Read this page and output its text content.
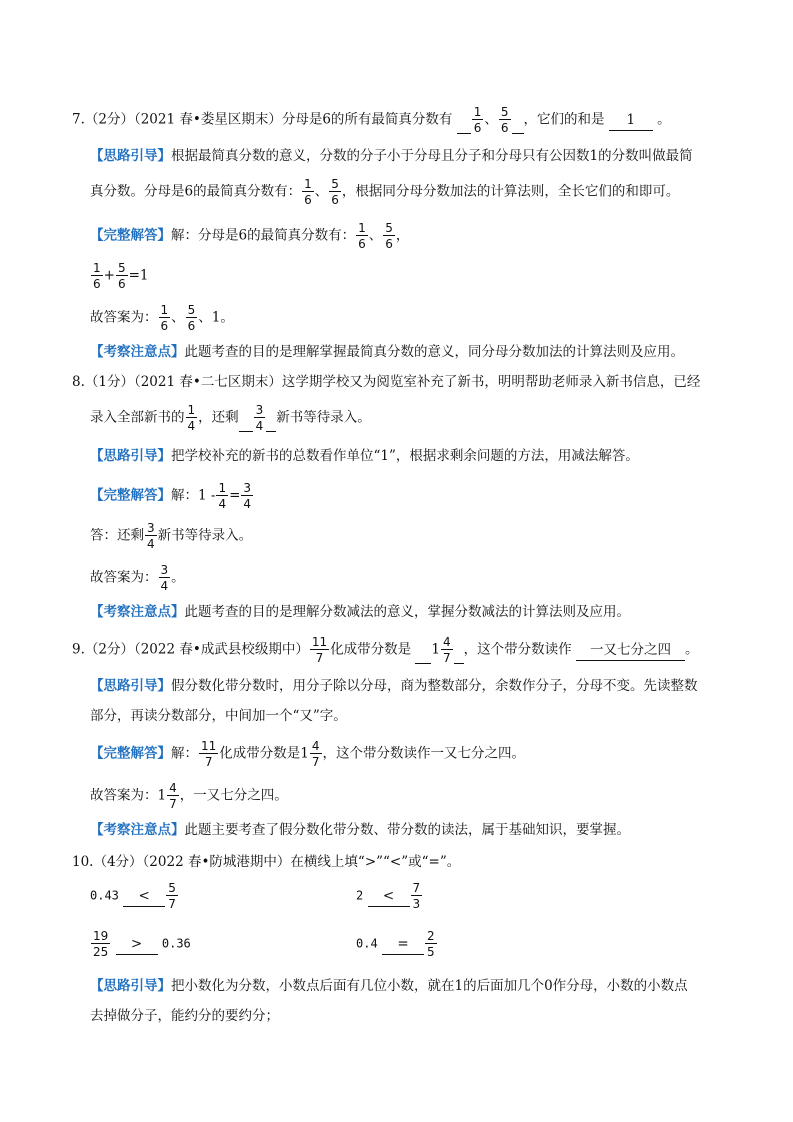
7.（2分）（2021 春•娄星区期末）分母是6的所有最简真分数有 $\frac{1}{6}$ 、 $\frac{5}{6}$ ，它们的和是 1 。
【思路引导】根据最简真分数的意义，分数的分子小于分母且分子和分母只有公因数1的分数叫做最简
真分数。分母是6的最简真分数有： $\frac{1}{6}$ 、 $\frac{5}{6}$ ，根据同分母分数加法的计算法则，全长它们的和即可。
【完整解答】解：分母是6的最简真分数有： $\frac{1}{6}$ 、 $\frac{5}{6}$ ，
$\frac{1}{6} + \frac{5}{6} =1$
故答案为： $\frac{1}{6}$ 、 $\frac{5}{6}$ 、1。
【考察注意点】此题考查的目的是理解掌握最简真分数的意义，同分母分数加法的计算法则及应用。
8.（1分）（2021 春•二七区期末）这学期学校又为阅览室补充了新书，明明帮助老师录入新书信息，已经
录入全部新书的 $\frac{1}{4}$ ，还剩 $\frac{3}{4}$ 新书等待录入。
【思路引导】把学校补充的新书的总数看作单位“1”，根据求剩余问题的方法，用减法解答。
【完整解答】解：$1 - \frac{1}{4} = \frac{3}{4}$
答：还剩 $\frac{3}{4}$ 新书等待录入。
故答案为： $\frac{3}{4}$ 。
【考察注意点】此题考查的目的是理解分数减法的意义，掌握分数减法的计算法则及应用。
9.（2分）（2022 春•成武县校级期中） $\frac{11}{7}$ 化成带分数是 $1 \frac{4}{7}$ ，这个带分数读作 一又七分之四 。
【思路引导】假分数化带分数时，用分子除以分母，商为整数部分，余数作分子，分母不变。先读整数
部分，再读分数部分，中间加一个“又”字。
【完整解答】解： $\frac{11}{7}$ 化成带分数是$1 \frac{4}{7}$ ，这个带分数读作一又七分之四。
故答案为：$1 \frac{4}{7}$ ，一又七分之四。
【考察注意点】此题主要考查了假分数化带分数、带分数的读法，属于基础知识，要掌握。
10.（4分）（2022 春•防城港期中）在横线上填“>”“<”或“=”。
$0.43 < \frac{5}{7}$	$2 < \frac{7}{3}$
$\frac{19}{25} > 0.36$	$0.4 = \frac{2}{5}$
【思路引导】把小数化为分数，小数点后面有几位小数，就在1的后面加几个0作分母，小数的小数点
去掉做分子，能约分的要约分；
